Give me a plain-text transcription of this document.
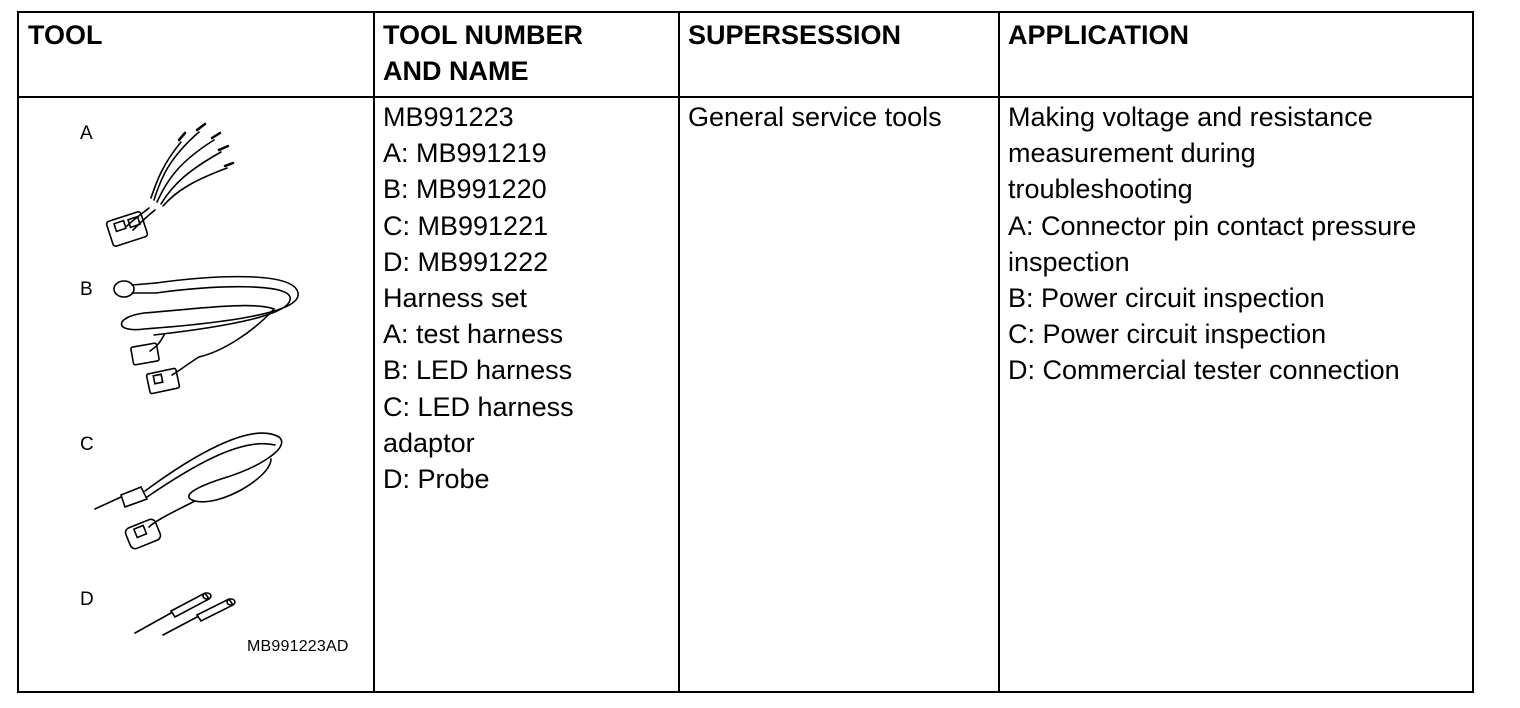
TOOL	TOOL NUMBER
AND NAME
SUPERSESSION	APPLICATION
A
B
C
D
MB991223AD
MB991223
A: MB991219
B: MB991220
C: MB991221
D: MB991222
Harness set
A: test harness
B: LED harness
C: LED harness
adaptor
D: Probe
General service tools Making voltage and resistance
measurement during
troubleshooting
A: Connector pin contact pressure
inspection
B: Power circuit inspection
C: Power circuit inspection
D: Commercial tester connection
